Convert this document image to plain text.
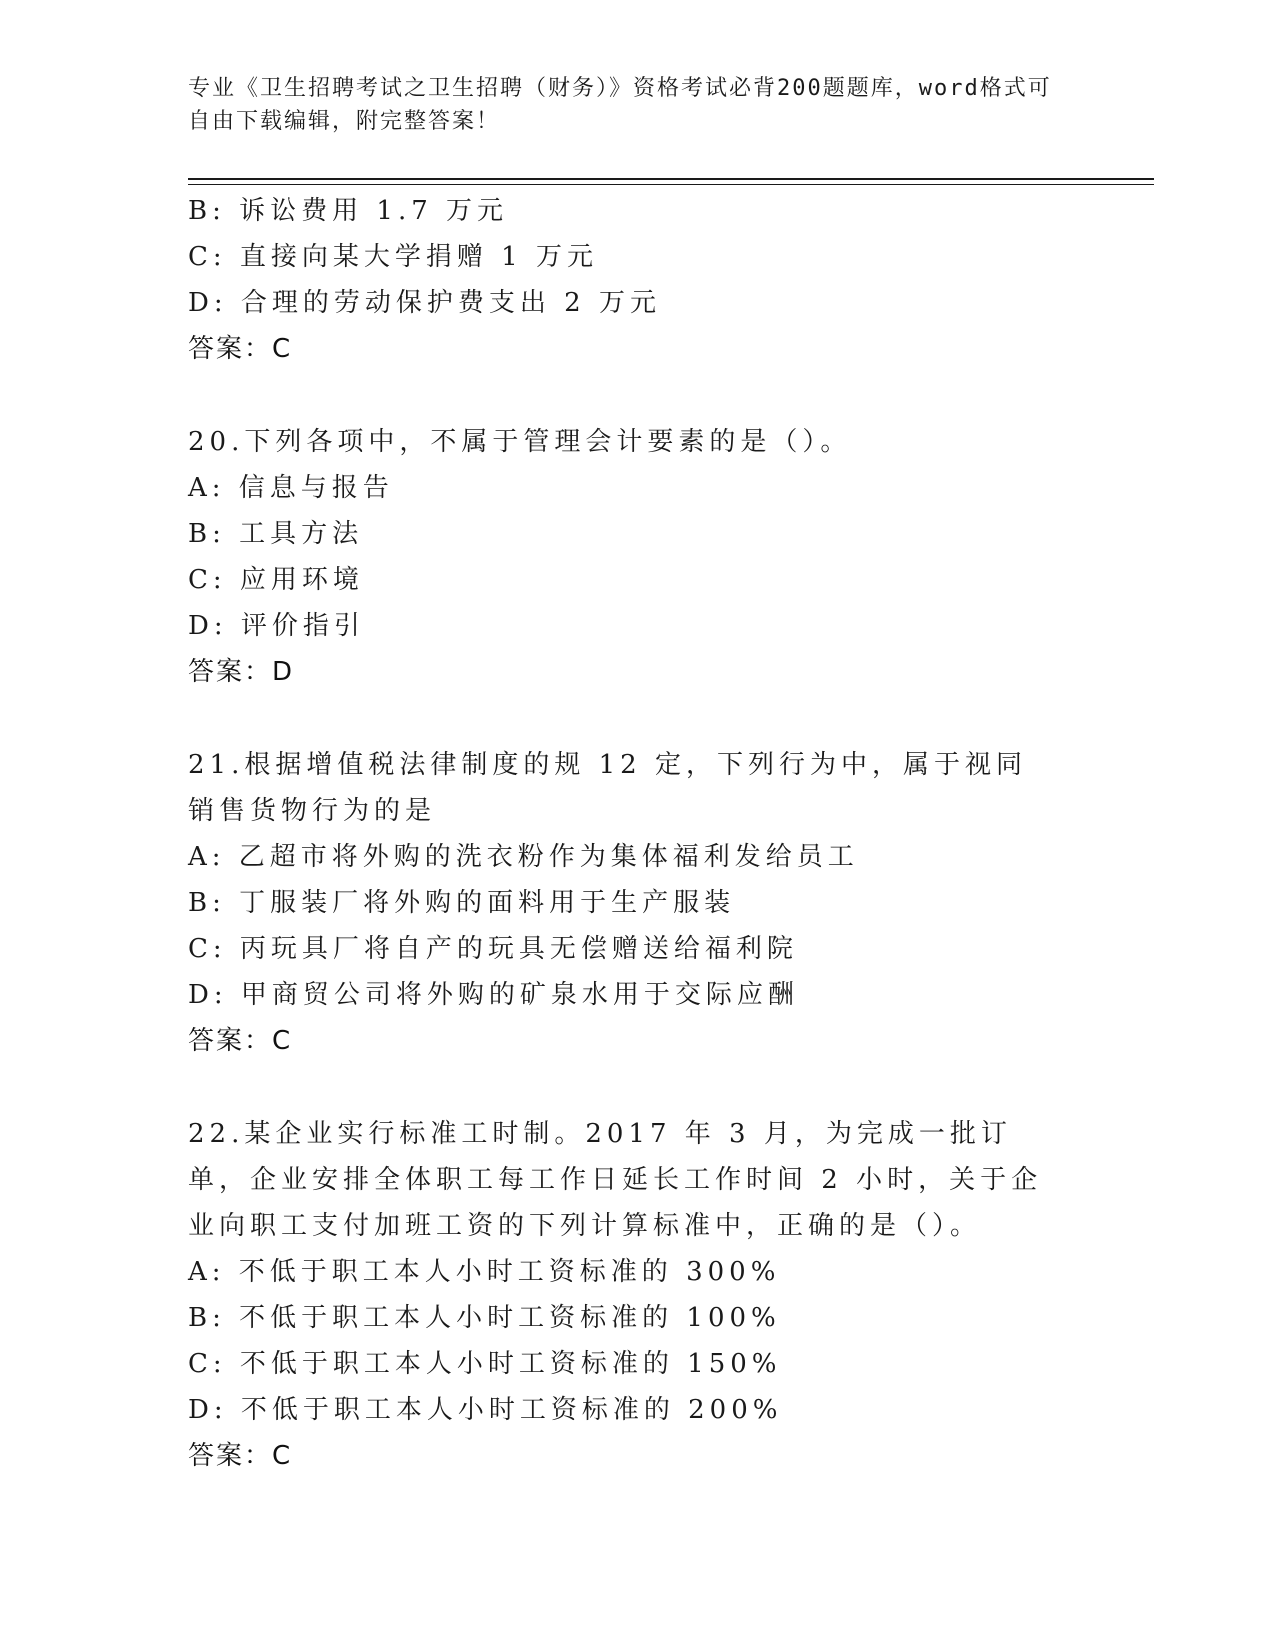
专业《卫生招聘考试之卫生招聘（财务）》资格考试必背200题题库，word格式可自由下载编辑，附完整答案！
B: 诉讼费用 1.7 万元
C: 直接向某大学捐赠 1 万元
D: 合理的劳动保护费支出 2 万元
答案：C
20.下列各项中，不属于管理会计要素的是（）。
A: 信息与报告
B: 工具方法
C: 应用环境
D: 评价指引
答案：D
21.根据增值税法律制度的规 12 定，下列行为中，属于视同销售货物行为的是
A: 乙超市将外购的洗衣粉作为集体福利发给员工
B: 丁服装厂将外购的面料用于生产服装
C: 丙玩具厂将自产的玩具无偿赠送给福利院
D: 甲商贸公司将外购的矿泉水用于交际应酬
答案：C
22.某企业实行标准工时制。2017 年 3 月，为完成一批订单，企业安排全体职工每工作日延长工作时间 2 小时，关于企业向职工支付加班工资的下列计算标准中，正确的是（）。
A: 不低于职工本人小时工资标准的 300%
B: 不低于职工本人小时工资标准的 100%
C: 不低于职工本人小时工资标准的 150%
D: 不低于职工本人小时工资标准的 200%
答案：C
